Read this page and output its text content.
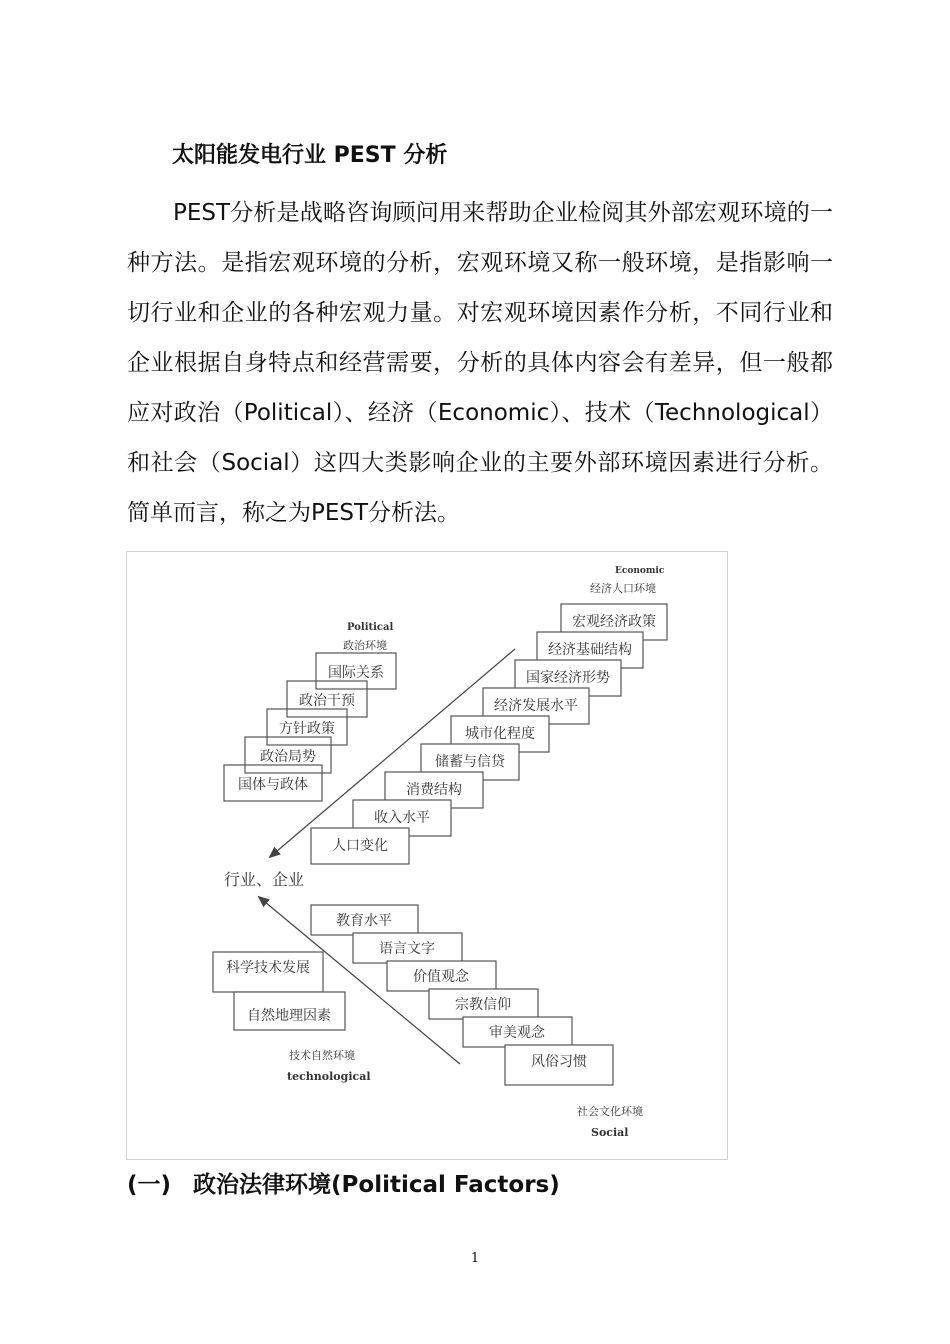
太阳能发电行业 PEST 分析

PEST分析是战略咨询顾问用来帮助企业检阅其外部宏观环境的一种方法。是指宏观环境的分析，宏观环境又称一般环境，是指影响一切行业和企业的各种宏观力量。对宏观环境因素作分析，不同行业和企业根据自身特点和经营需要，分析的具体内容会有差异，但一般都应对政治（Political）、经济（Economic）、技术（Technological）和社会（Social）这四大类影响企业的主要外部环境因素进行分析。简单而言，称之为PEST分析法。

Economic
经济人口环境
Political
政治环境
国际关系
政治干预
方针政策
政治局势
国体与政体
宏观经济政策
经济基础结构
国家经济形势
经济发展水平
城市化程度
储蓄与信贷
消费结构
收入水平
人口变化
行业、企业
教育水平
语言文字
价值观念
宗教信仰
审美观念
风俗习惯
科学技术发展
自然地理因素
技术自然环境
technological
社会文化环境
Social
(一) 政治法律环境(Political Factors)
1
